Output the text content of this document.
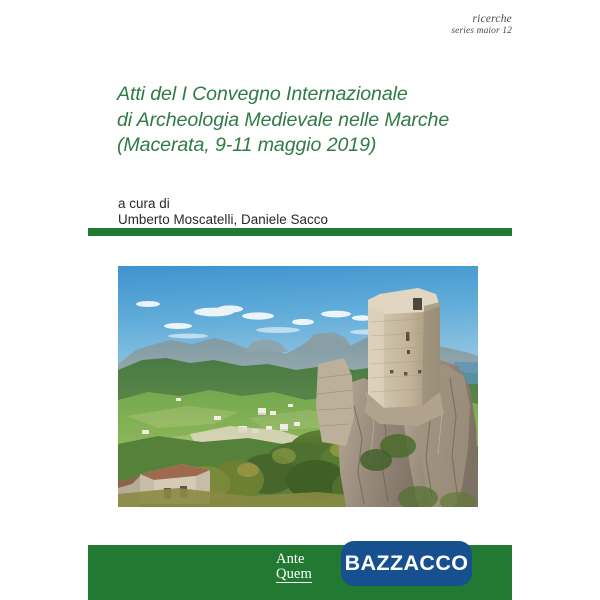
ricerche
series maior 12
Atti del I Convegno Internazionale
di Archeologia Medievale nelle Marche
(Macerata, 9-11 maggio 2019)
a cura di
Umberto Moscatelli, Daniele Sacco
Ante
Quem BAZZACCO
